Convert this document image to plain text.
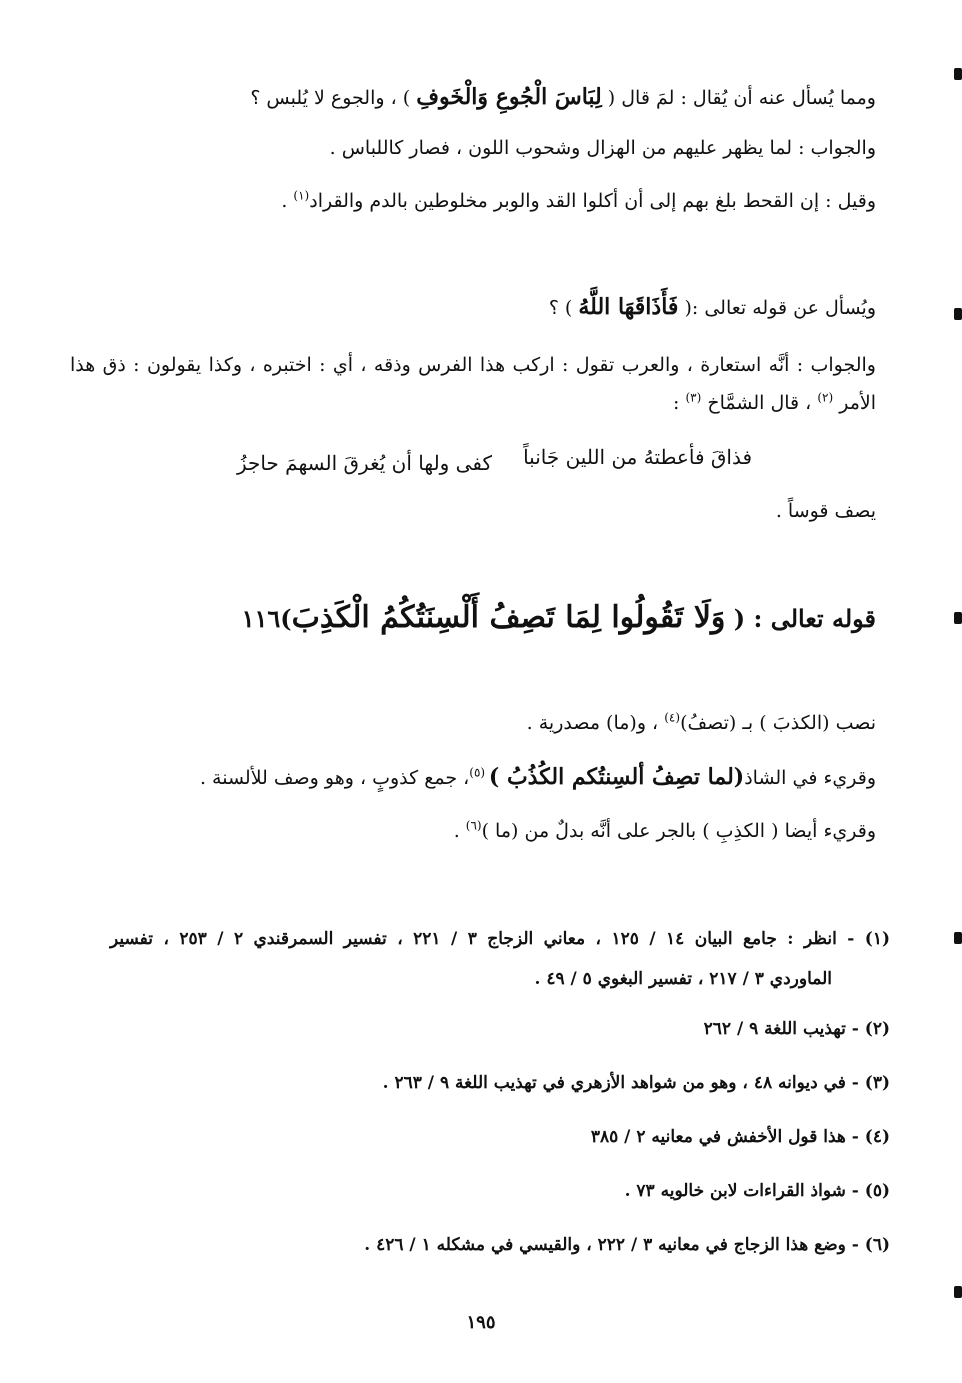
ومما يُسأل عنه أن يُقال : لمَ قال ( لِبَاسَ الْجُوعِ وَالْخَوفِ ) ، والجوع لا يُلبس ؟
والجواب : لما يظهر عليهم من الهزال وشحوب اللون ، فصار كاللباس .
وقيل : إن القحط بلغ بهم إلى أن أكلوا القد والوبر مخلوطين بالدم والقراد$^{(١)}$ .
ويُسأل عن قوله تعالى :( فَأَذَاقَهَا اللَّهُ ) ؟
والجواب : أنَّه استعارة ، والعرب تقول : اركب هذا الفرس وذقه ، أي : اختبره ، وكذا يقولون : ذق هذا
الأمر $^{(٢)}$ ، قال الشمَّاخ $^{(٣)}$ :
فذاقَ فأعطتهُ من اللين جَانباً
كفى ولها أن يُغرقَ السهمَ حاجزُ
يصف قوساً .
قوله تعالى : ( وَلَا تَقُولُوا لِمَا تَصِفُ أَلْسِنَتُكُمُ الْكَذِبَ)١١٦
نصب (الكذبَ ) بـ (تصفُ)$^{(٤)}$ ، و(ما) مصدرية .
وقريء في الشاذ(لما تصِفُ ألسِنتُكم الكُذُبُ ) $^{(٥)}$، جمع كذوبٍ ، وهو وصف للألسنة .
وقريء أيضا ( الكذِبِ ) بالجر على أنَّه بدلٌ من (ما )$^{(٦)}$ .
(١) - انظر : جامع البيان ١٤ / ١٢٥ ، معاني الزجاج ٣ / ٢٢١ ، تفسير السمرقندي ٢ / ٢٥٣ ، تفسير
الماوردي ٣ / ٢١٧ ، تفسير البغوي ٥ / ٤٩ .
(٢) - تهذيب اللغة ٩ / ٢٦٢
(٣) - في ديوانه ٤٨ ، وهو من شواهد الأزهري في تهذيب اللغة ٩ / ٢٦٣ .
(٤) - هذا قول الأخفش في معانيه ٢ / ٣٨٥
(٥) - شواذ القراءات لابن خالويه ٧٣ .
(٦) - وضع هذا الزجاج في معانيه ٣ / ٢٢٢ ، والقيسي في مشكله ١ / ٤٢٦ .
١٩٥
